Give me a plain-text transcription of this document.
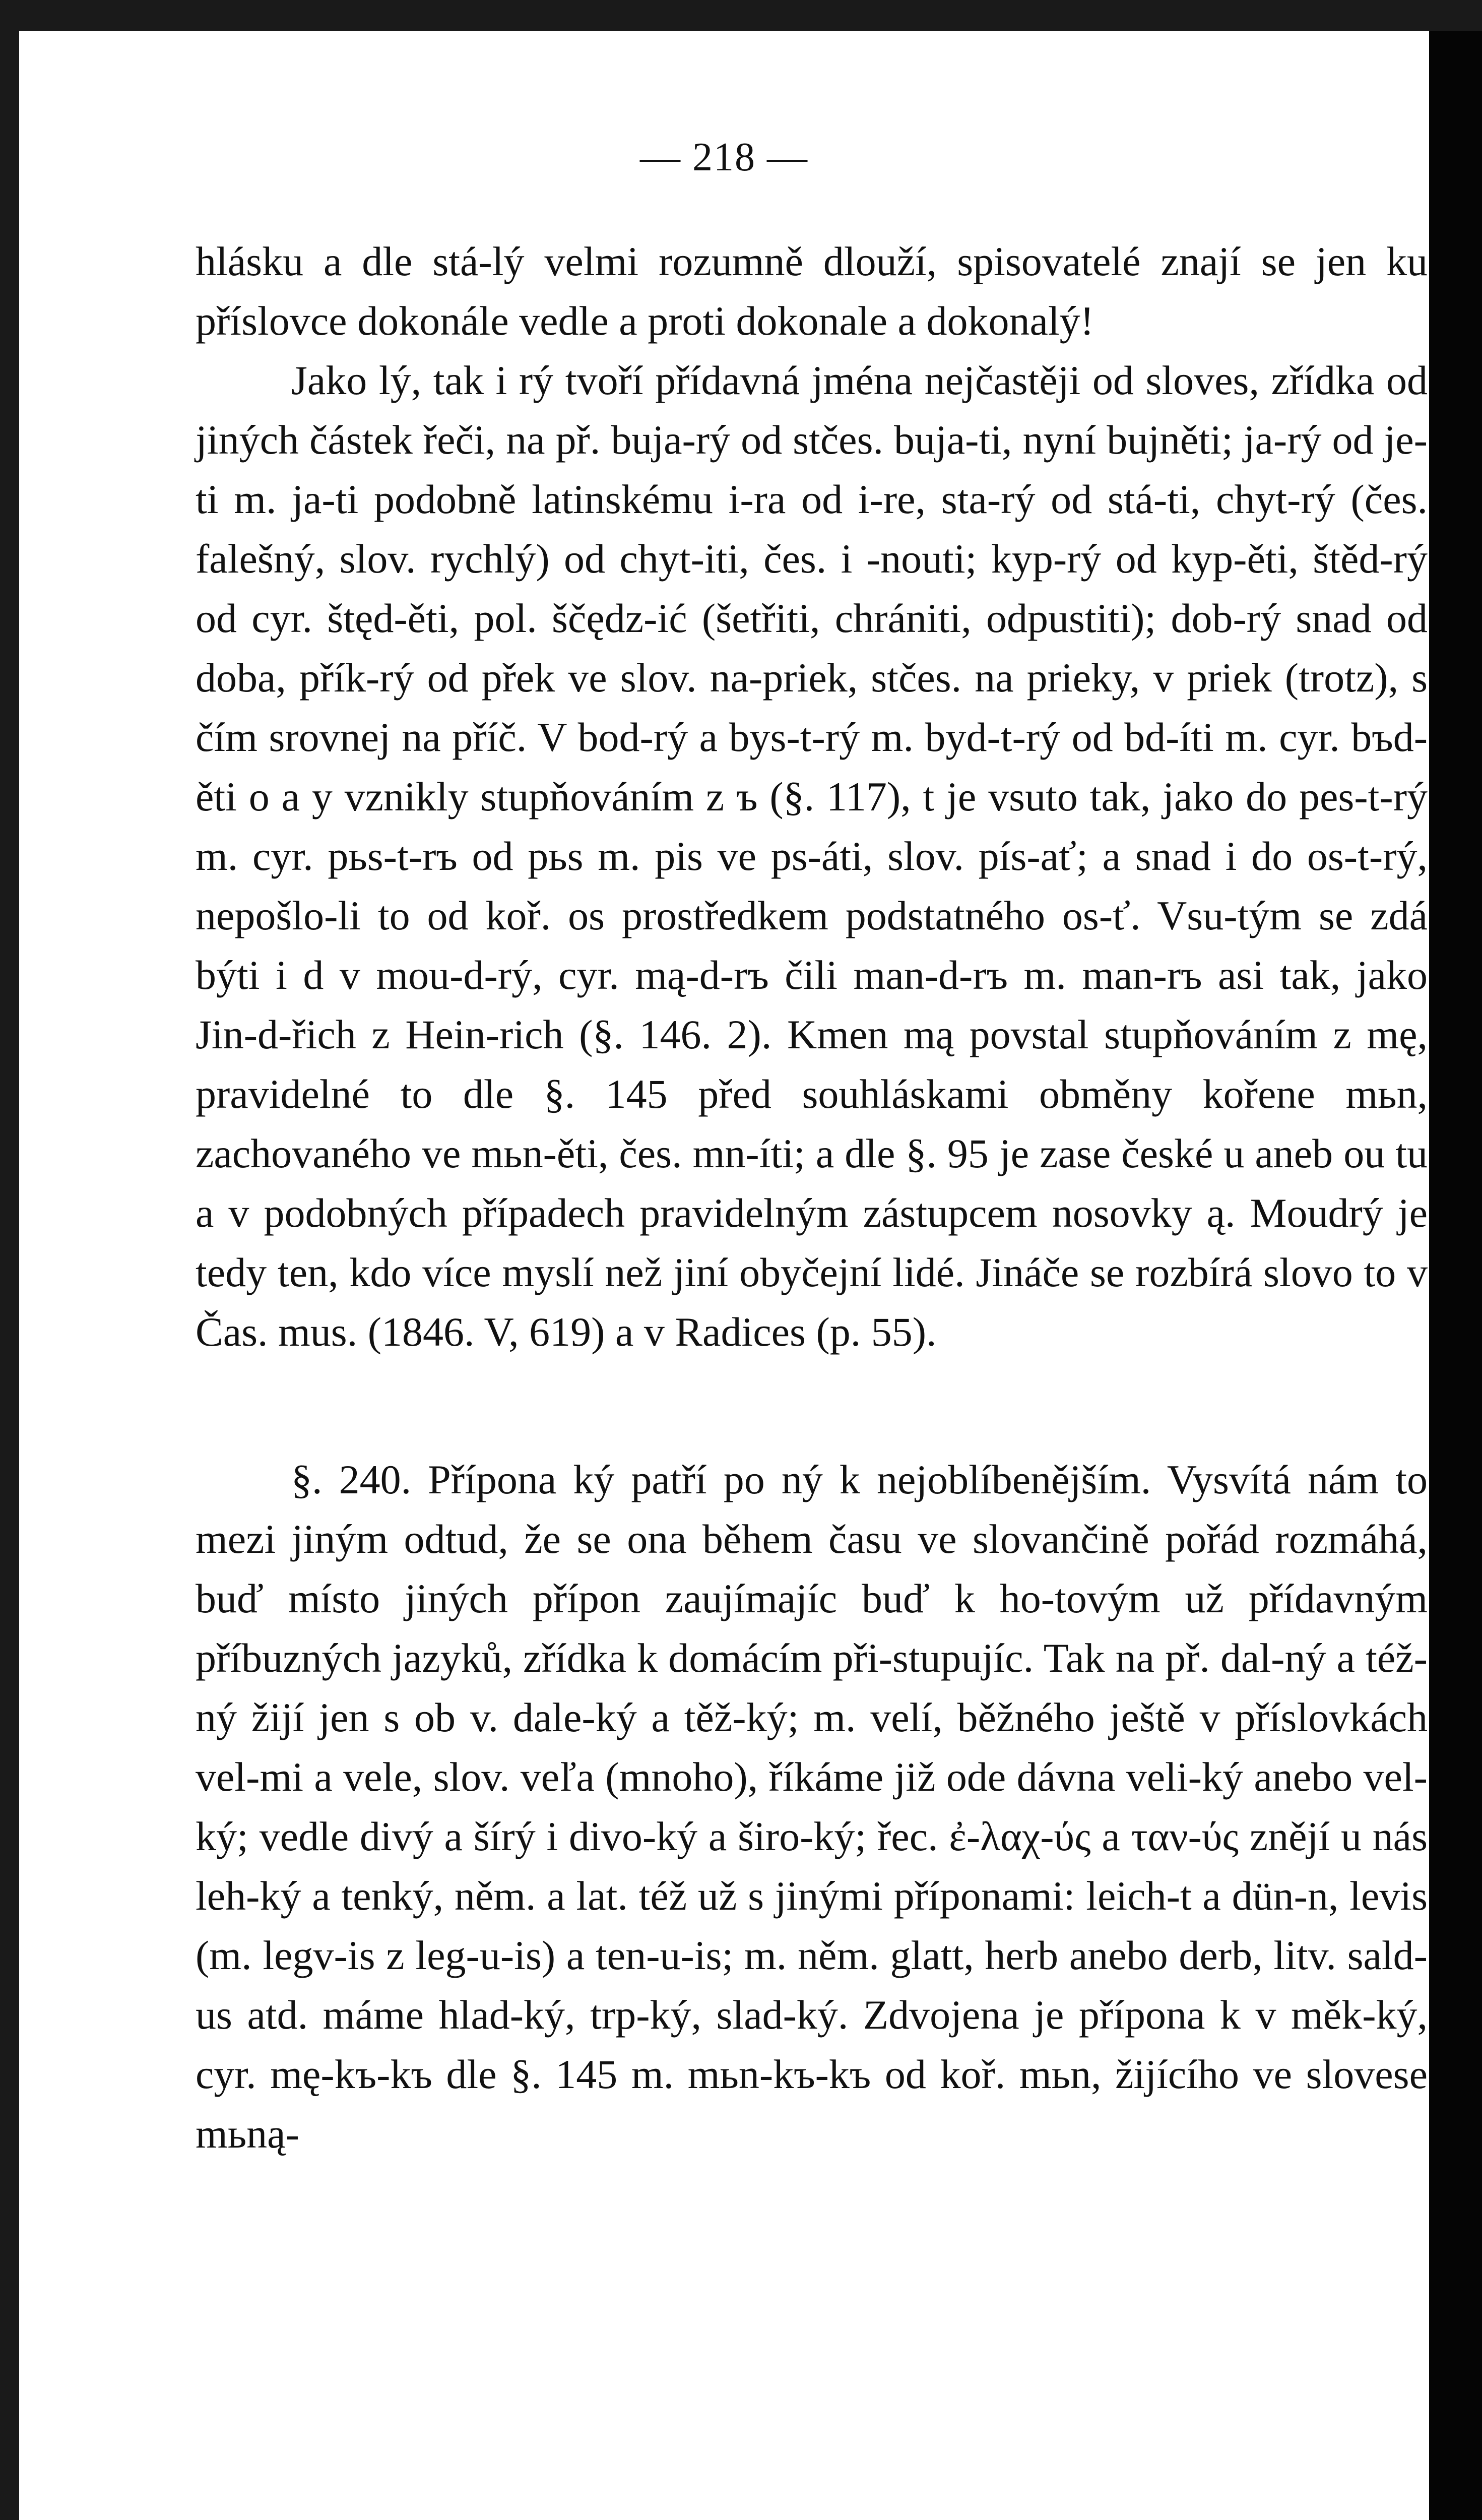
— 218 —

hlásku a dle stá-lý velmi rozumně dlouží, spisovatelé znají se jen ku příslovce dokonále vedle a proti dokonale a dokonalý!

Jako lý, tak i rý tvoří přídavná jména nejčastěji od sloves, zřídka od jiných částek řeči, na př. buja-rý od stčes. buja-ti, nyní bujněti; ja-rý od je-ti m. ja-ti podobně latinskému i-ra od i-re, sta-rý od stá-ti, chyt-rý (čes. falešný, slov. rychlý) od chyt-iti, čes. i -nouti; kyp-rý od kyp-ěti, štěd-rý od cyr. štęd-ěti, pol. ščędz-ić (šetřiti, chrániti, odpustiti); dob-rý snad od doba, přík-rý od přek ve slov. na-priek, stčes. na prieky, v priek (trotz), s čím srovnej na příč. V bod-rý a bys-t-rý m. byd-t-rý od bd-íti m. cyr. bъd-ěti o a y vznikly stupňováním z ъ (§. 117), t je vsuto tak, jako do pes-t-rý m. cyr. pьs-t-rъ od pьs m. pis ve ps-áti, slov. pís-ať; a snad i do os-t-rý, nepošlo-li to od koř. os prostředkem podstatného os-ť. Vsu-tým se zdá býti i d v mou-d-rý, cyr. mą-d-rъ čili man-d-rъ m. man-rъ asi tak, jako Jin-d-řich z Hein-rich (§. 146. 2). Kmen mą povstal stupňováním z mę, pravidelné to dle §. 145 před souhláskami obměny kořene mьn, zachovaného ve mьn-ěti, čes. mn-íti; a dle §. 95 je zase české u aneb ou tu a v podobných případech pravidelným zástupcem nosovky ą. Moudrý je tedy ten, kdo více myslí než jiní obyčejní lidé. Jináče se rozbírá slovo to v Čas. mus. (1846. V, 619) a v Radices (p. 55).

§. 240. Přípona ký patří po ný k nejoblíbenějším. Vysvítá nám to mezi jiným odtud, že se ona během času ve slovančině pořád rozmáhá, buď místo jiných přípon zaujímajíc buď k ho-tovým už přídavným příbuzných jazyků, zřídka k domácím při-stupujíc. Tak na př. dal-ný a též-ný žijí jen s ob v. dale-ký a těž-ký; m. velí, běžného ještě v příslovkách vel-mi a vele, slov. veľa (mnoho), říkáme již ode dávna veli-ký anebo vel-ký; vedle divý a šírý i divo-ký a širo-ký; řec. ἐ-λαχ-ύς a ταν-ύς znějí u nás leh-ký a tenký, něm. a lat. též už s jinými příponami: leich-t a dün-n, levis (m. legv-is z leg-u-is) a ten-u-is; m. něm. glatt, herb anebo derb, litv. sald-us atd. máme hlad-ký, trp-ký, slad-ký. Zdvojena je přípona k v měk-ký, cyr. mę-kъ-kъ dle §. 145 m. mьn-kъ-kъ od koř. mьn, žijícího ve slovese mьną-
